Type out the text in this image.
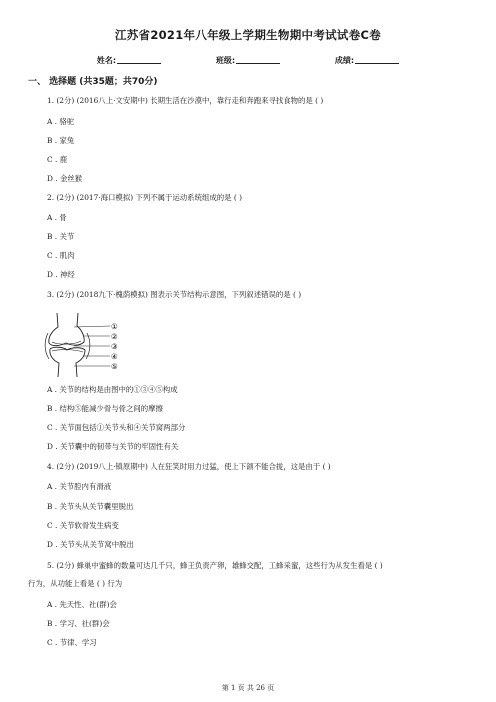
江苏省2021年八年级上学期生物期中考试试卷C卷
姓名:	班级:	成绩:
一、 选择题 (共35题；共70分)
1. (2分) (2016八上·文安期中) 长期生活在沙漠中，靠行走和奔跑来寻找食物的是 ( )
A . 骆驼
B . 家兔
C . 鹿
D . 金丝猴
2. (2分) (2017·海口模拟) 下列不属于运动系统组成的是 ( )
A . 骨
B . 关节
C . 肌肉
D . 神经
3. (2分) (2018九下·槐荫模拟) 图表示关节结构示意图，下列叙述错误的是 ( )
①
②
③
④
⑤
A . 关节的结构是由图中的①③④⑤构成
B . 结构⑤能减少骨与骨之间的摩擦
C . 关节面包括①关节头和④关节窝两部分
D . 关节囊中的韧带与关节的牢固性有关
4. (2分) (2019八上·镇原期中) 人在狂笑时用力过猛，使上下颌不能合拢，这是由于 ( )
A . 关节腔内有滑液
B . 关节头从关节囊里脱出
C . 关节软骨发生病变
D . 关节头从关节窝中脱出
5. (2分) 蜂巢中蜜蜂的数量可达几千只，蜂王负责产卵，雄蜂交配，工蜂采蜜，这些行为从发生看是 ( )
行为，从功能上看是 ( ) 行为
A . 先天性、社(群)会
B . 学习、社(群)会
C . 节律、学习
第 1 页 共 26 页
